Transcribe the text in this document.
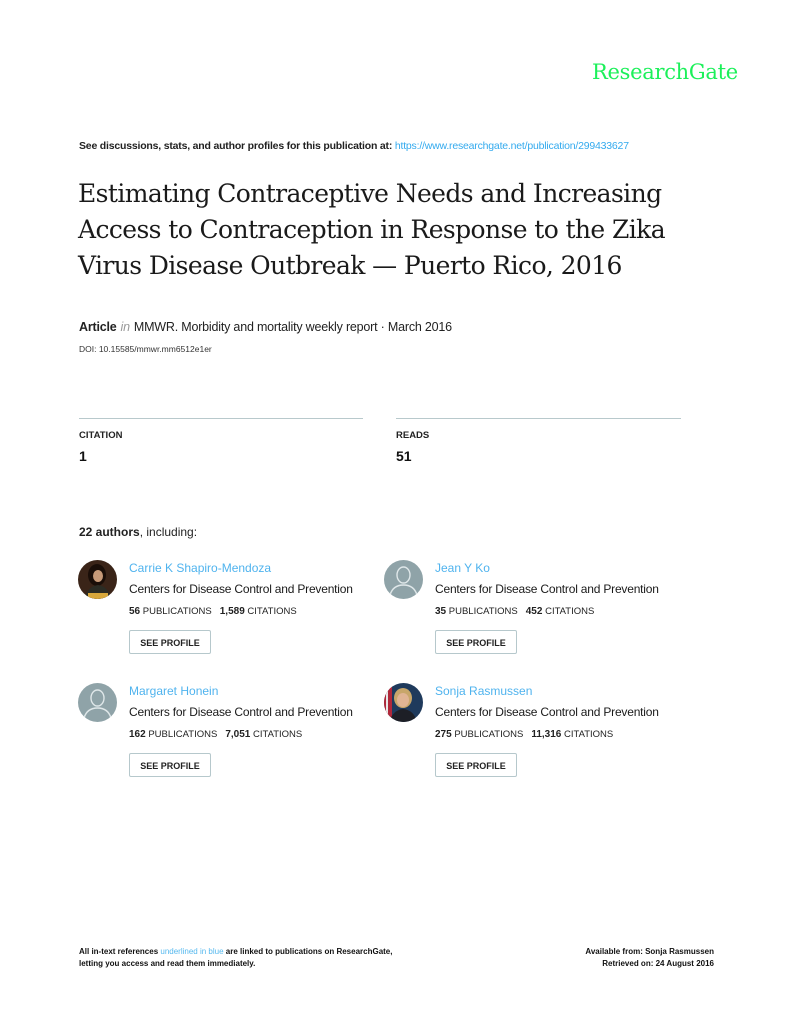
ResearchGate
See discussions, stats, and author profiles for this publication at: https://www.researchgate.net/publication/299433627
Estimating Contraceptive Needs and Increasing
Access to Contraception in Response to the Zika
Virus Disease Outbreak — Puerto Rico, 2016
Article in MMWR. Morbidity and mortality weekly report · March 2016
DOI: 10.15585/mmwr.mm6512e1er
CITATION
1
READS
51
22 authors, including:
Carrie K Shapiro-Mendoza
Centers for Disease Control and Prevention
56 PUBLICATIONS 1,589 CITATIONS
SEE PROFILE
Jean Y Ko
Centers for Disease Control and Prevention
35 PUBLICATIONS 452 CITATIONS
SEE PROFILE
Margaret Honein
Centers for Disease Control and Prevention
162 PUBLICATIONS 7,051 CITATIONS
SEE PROFILE
Sonja Rasmussen
Centers for Disease Control and Prevention
275 PUBLICATIONS 11,316 CITATIONS
SEE PROFILE
All in-text references underlined in blue are linked to publications on ResearchGate,
letting you access and read them immediately.
Available from: Sonja Rasmussen
Retrieved on: 24 August 2016
